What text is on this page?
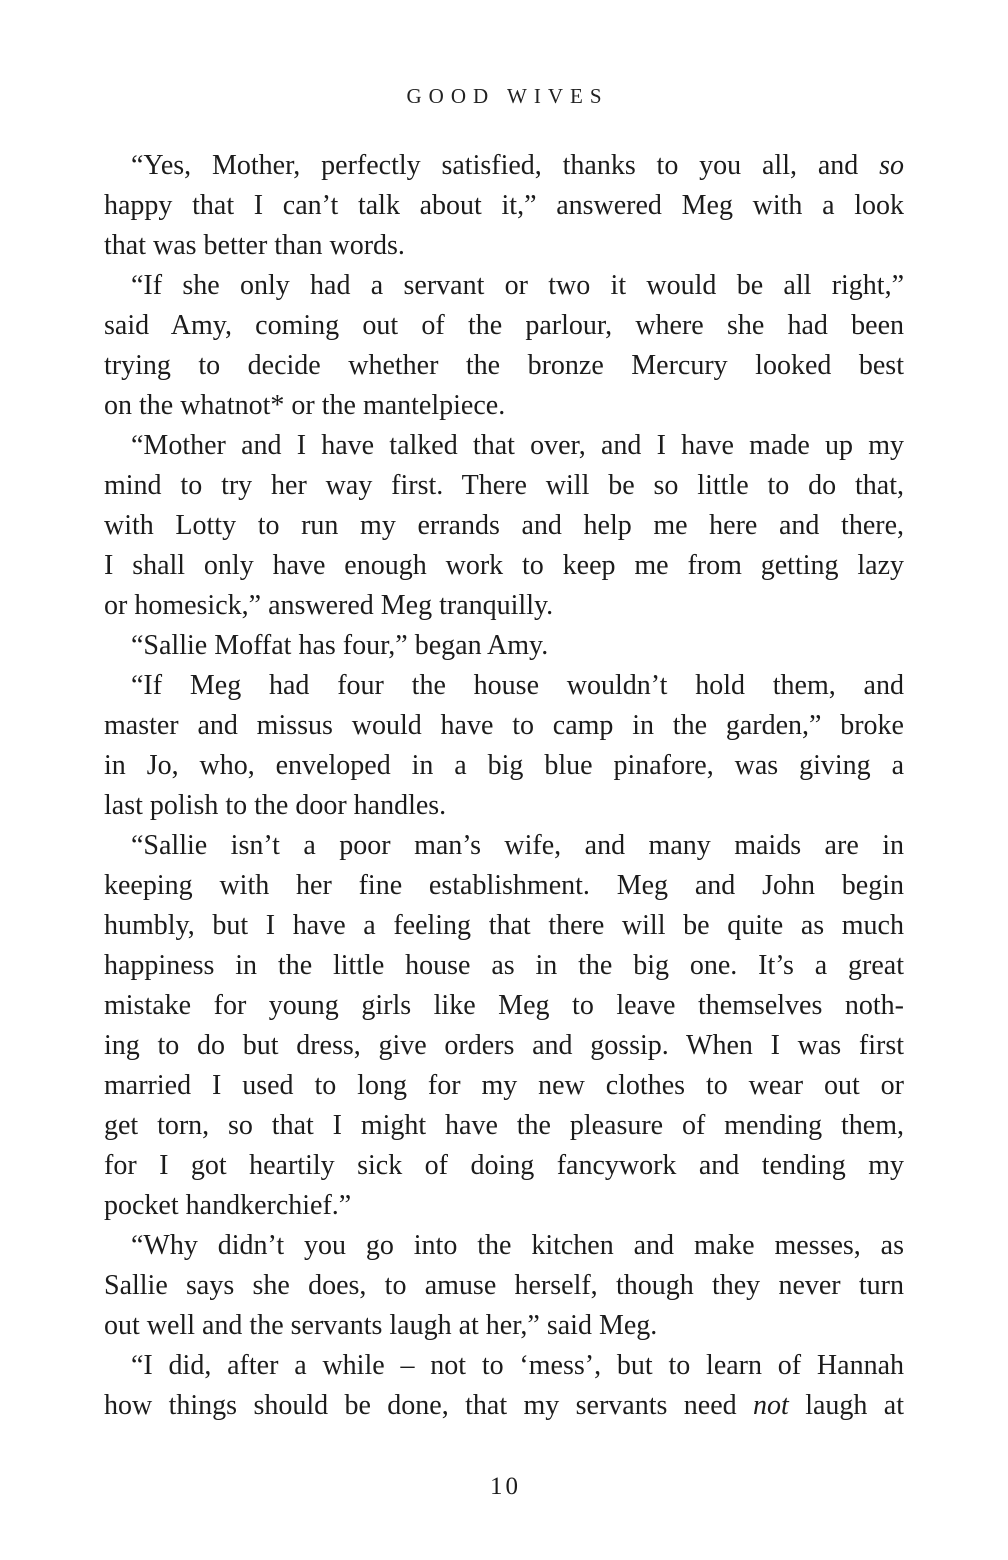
GOOD WIVES
“Yes, Mother, perfectly satisfied, thanks to you all, and so
happy that I can’t talk about it,” answered Meg with a look
that was better than words.
“If she only had a servant or two it would be all right,”
said Amy, coming out of the parlour, where she had been
trying to decide whether the bronze Mercury looked best
on the whatnot* or the mantelpiece.
“Mother and I have talked that over, and I have made up my
mind to try her way first. There will be so little to do that,
with Lotty to run my errands and help me here and there,
I shall only have enough work to keep me from getting lazy
or homesick,” answered Meg tranquilly.
“Sallie Moffat has four,” began Amy.
“If Meg had four the house wouldn’t hold them, and
master and missus would have to camp in the garden,” broke
in Jo, who, enveloped in a big blue pinafore, was giving a
last polish to the door handles.
“Sallie isn’t a poor man’s wife, and many maids are in
keeping with her fine establishment. Meg and John begin
humbly, but I have a feeling that there will be quite as much
happiness in the little house as in the big one. It’s a great
mistake for young girls like Meg to leave themselves noth-
ing to do but dress, give orders and gossip. When I was first
married I used to long for my new clothes to wear out or
get torn, so that I might have the pleasure of mending them,
for I got heartily sick of doing fancywork and tending my
pocket handkerchief.”
“Why didn’t you go into the kitchen and make messes, as
Sallie says she does, to amuse herself, though they never turn
out well and the servants laugh at her,” said Meg.
“I did, after a while – not to ‘mess’, but to learn of Hannah
how things should be done, that my servants need not laugh at
10
